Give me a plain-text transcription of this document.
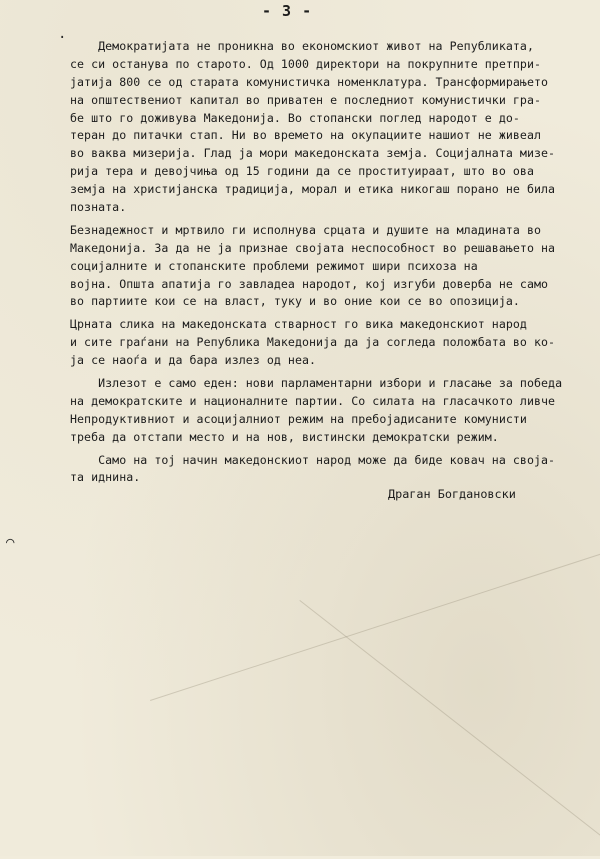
- 3 -
·
⌒
Демократијата не проникна во економскиот живот на Републиката,
се си останува по старото. Од 1000 директори на покрупните претпри-
јатија 800 се од старата комунистичка номенклатура. Трансформирањето
на општествениот капитал во приватен е последниот комунистички гра-
бе што го доживува Македонија. Во стопански поглед народот е до-
теран до питачки стап. Ни во времето на окупациите нашиот не живеал
во ваква мизерија. Глад ја мори македонската земја. Социјалната мизе-
рија тера и девојчиња од 15 години да се проституираат, што во ова
земја на христијанска традиција, морал и етика никогаш порано не била
позната.
Безнадежност и мртвило ги исполнува срцата и душите на младината во
Македонија. За да не ја признае својата неспособност во решавањето на
социјалните и стопанските проблеми режимот шири психоза на
војна. Општа апатија го завладеа народот, кој изгуби доверба не само
во партиите кои се на власт, туку и во оние кои се во опозиција.
Црната слика на македонската стварност го вика македонскиот народ
и сите граѓани на Република Македонија да ја согледа положбата во ко-
ја се наоѓа и да бара излез од неа.
Излезот е само еден: нови парламентарни избори и гласање за победа
на демократските и националните партии. Со силата на гласачкото ливче
Непродуктивниот и асоцијалниот режим на пребојадисаните комунисти
треба да отстапи место и на нов, вистински демократски режим.
Само на тој начин македонскиот народ може да биде ковач на своја-
та иднина.
Драган Богдановски
